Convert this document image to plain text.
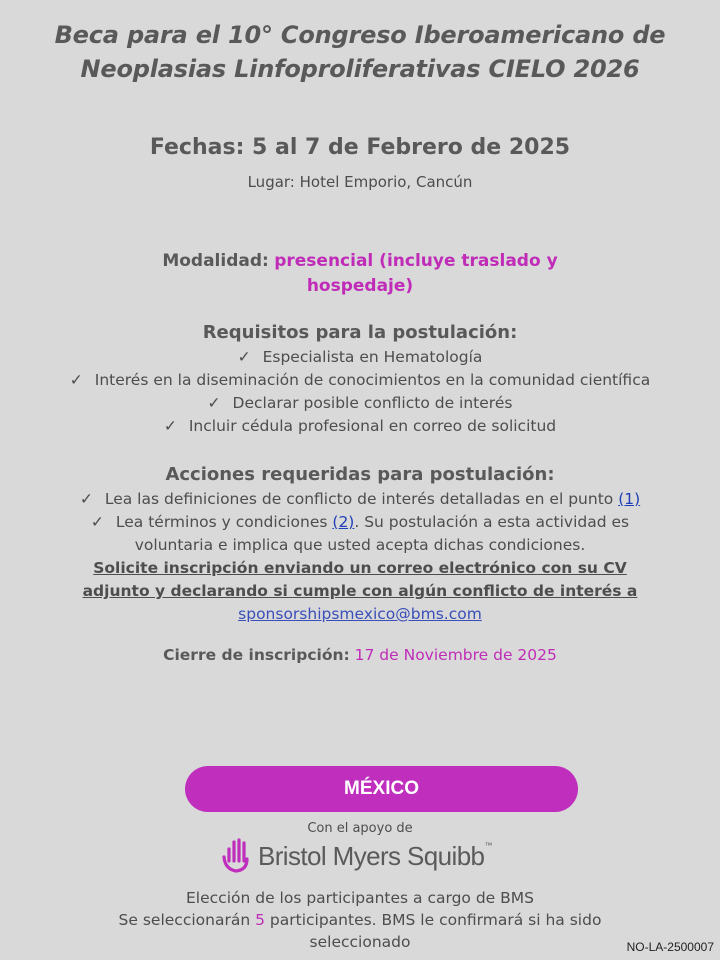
Beca para el 10° Congreso Iberoamericano de
Neoplasias Linfoproliferativas CIELO 2026
Fechas: 5 al 7 de Febrero de 2025
Lugar: Hotel Emporio, Cancún
Modalidad: presencial (incluye traslado y
hospedaje)
Requisitos para la postulación:
✓ Especialista en Hematología
✓ Interés en la diseminación de conocimientos en la comunidad científica
✓ Declarar posible conflicto de interés
✓ Incluir cédula profesional en correo de solicitud
Acciones requeridas para postulación:
✓ Lea las definiciones de conflicto de interés detalladas en el punto (1)
✓ Lea términos y condiciones (2). Su postulación a esta actividad es
voluntaria e implica que usted acepta dichas condiciones.
Solicite inscripción enviando un correo electrónico con su CV
adjunto y declarando si cumple con algún conflicto de interés a
sponsorshipsmexico@bms.com
Cierre de inscripción: 17 de Noviembre de 2025
MÉXICO
Con el apoyo de
Bristol Myers Squibb™
Elección de los participantes a cargo de BMS
Se seleccionarán 5 participantes. BMS le confirmará si ha sido
seleccionado	NO-LA-2500007
